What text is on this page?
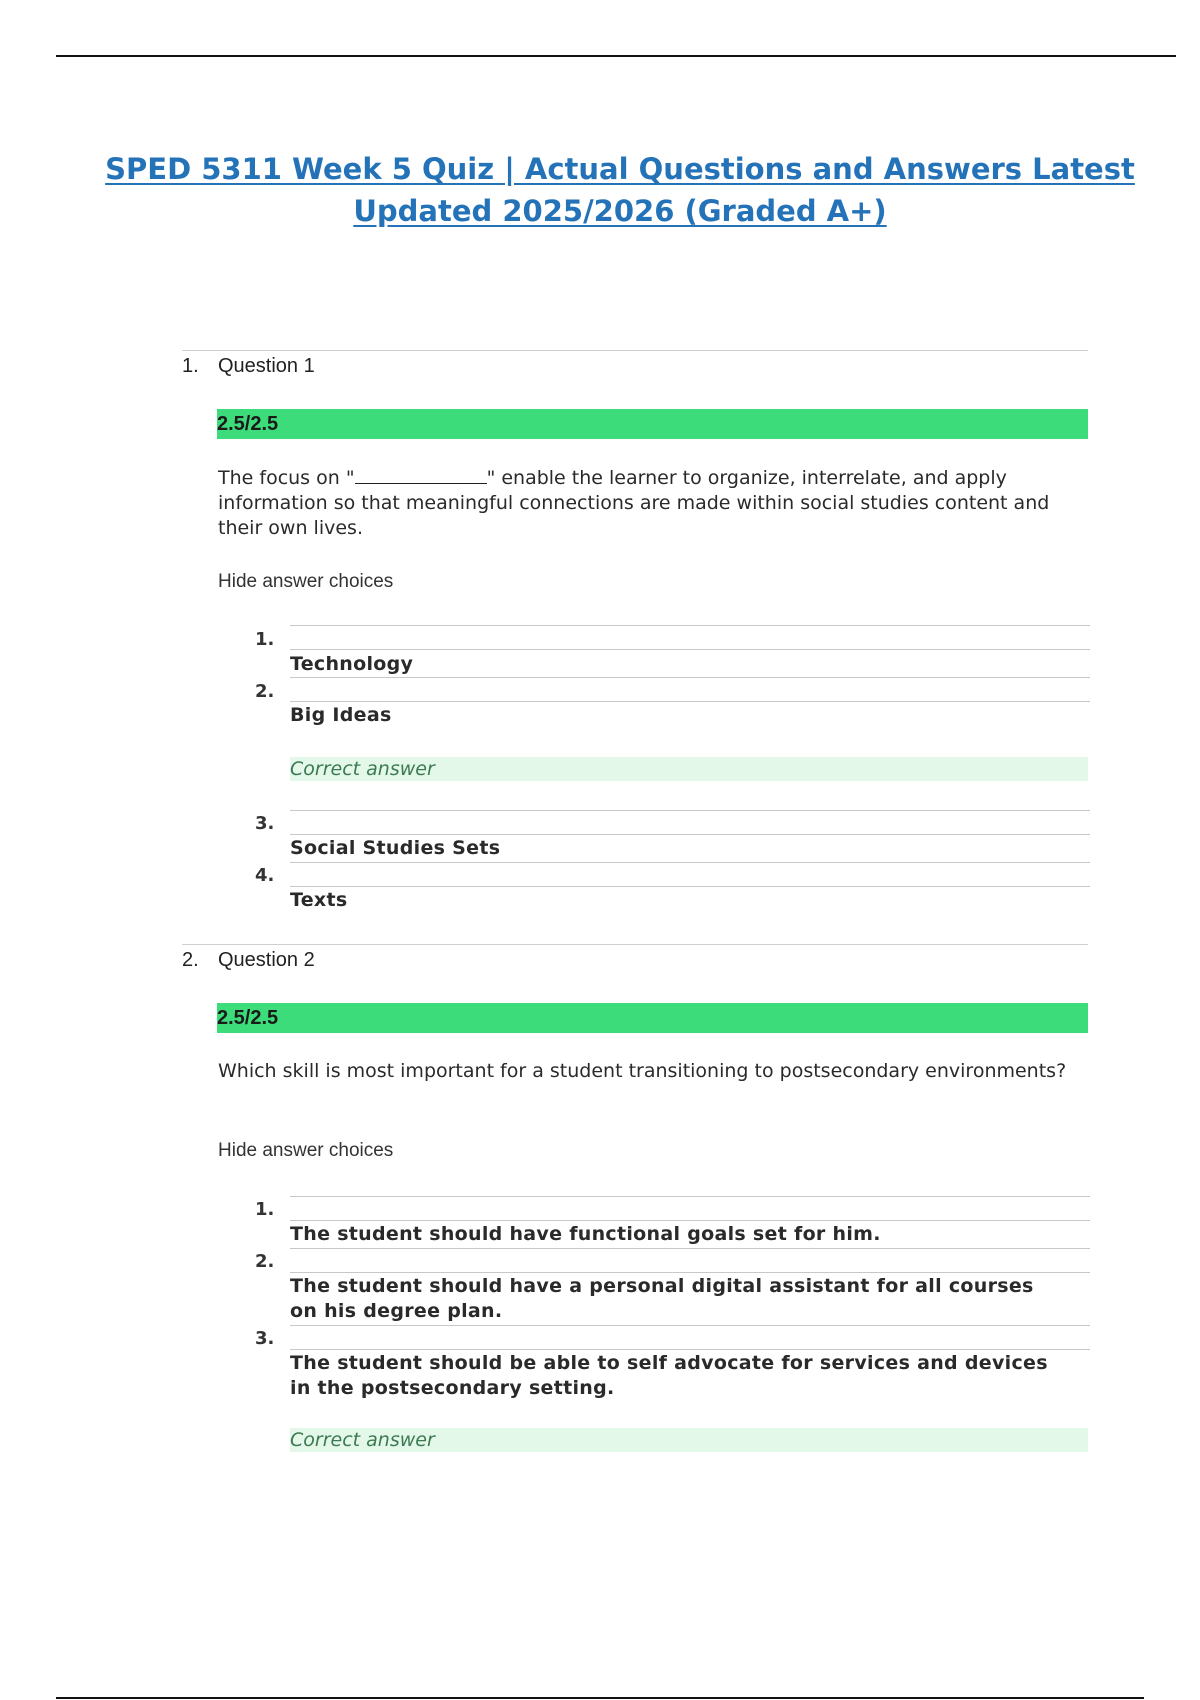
SPED 5311 Week 5 Quiz | Actual Questions and Answers Latest
Updated 2025/2026 (Graded A+)
1. Question 1
2.5/2.5
The focus on "	" enable the learner to organize, interrelate, and apply information so that meaningful connections are made within social studies content and their own lives.
Hide answer choices
1.
Technology
2.
Big Ideas
Correct answer
3.
Social Studies Sets
4.
Texts
2. Question 2
2.5/2.5
Which skill is most important for a student transitioning to postsecondary environments?
Hide answer choices
1.
The student should have functional goals set for him.
2.
The student should have a personal digital assistant for all courses on his degree plan.
3.
The student should be able to self advocate for services and devices in the postsecondary setting.
Correct answer
